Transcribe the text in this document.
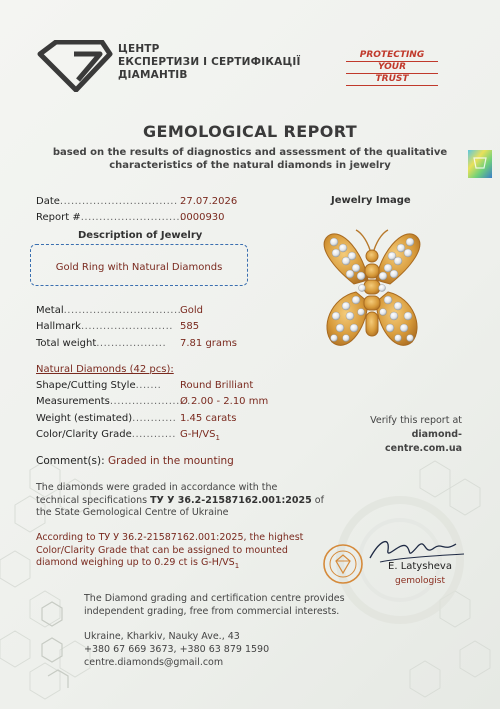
ЦЕНТР
ЕКСПЕРТИЗИ І СЕРТИФІКАЦІЇ
ДІАМАНТІВ
PROTECTING
YOUR
TRUST
GEMOLOGICAL REPORT
based on the results of diagnostics and assessment of the qualitative
characteristics of the natural diamonds in jewelry
Date................................ 27.07.2026
Report #............................
0000930
Description of Jewelry
Gold Ring with Natural Diamonds
Metal................................
Gold
Hallmark......................... 585
Total weight................... 7.81 grams
Natural Diamonds (42 pcs):
Shape/Cutting Style....... Round Brilliant
Measurements......................
Ø 2.00 - 2.10 mm
Weight (estimated)............ 1.45 carats
Color/Clarity Grade............ $G-H/VS_1$
Jewelry Image
Verify this report at
diamond-centre.com.ua
Comment(s): Graded in the mounting
The diamonds were graded in accordance with the
technical specifications ТУ У 36.2-21587162.001:2025 of
the State Gemological Centre of Ukraine
According to ТУ У 36.2-21587162.001:2025, the highest
Color/Clarity Grade that can be assigned to mounted
diamond weighing up to 0.29 ct is $G-H/VS_1$	E. Latysheva
gemologist
The Diamond grading and certification centre provides
independent grading, free from commercial interests.
Ukraine, Kharkiv, Nauky Ave., 43
+380 67 669 3673, +380 63 879 1590
centre.diamonds@gmail.com
